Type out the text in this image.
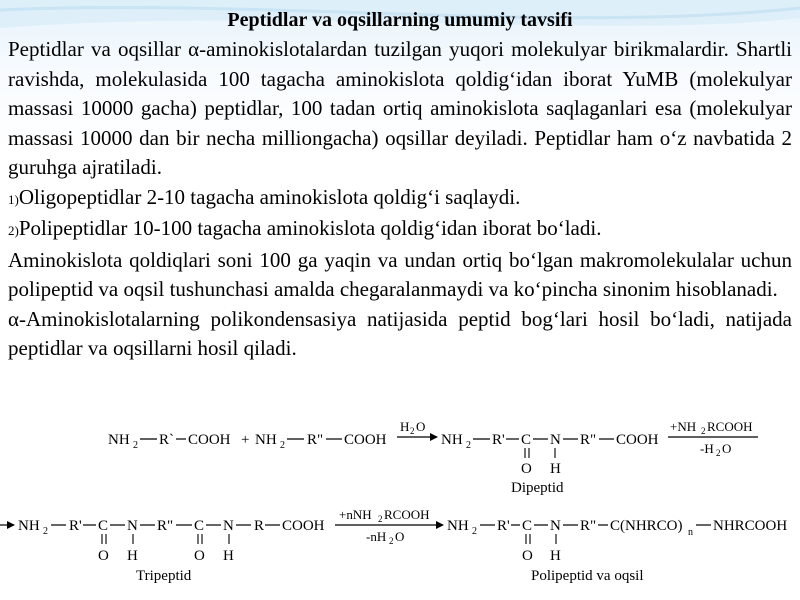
Peptidlar va oqsillarning umumiy tavsifi
Peptidlar va oqsillar α-aminokislotalardan tuzilgan yuqori molekulyar birikmalardir. Shartli ravishda, molekulasida 100 tagacha aminokislota qoldig‘idan iborat YuMB (molekulyar massasi 10000 gacha) peptidlar, 100 tadan ortiq aminokislota saqlaganlari esa (molekulyar massasi 10000 dan bir necha milliongacha) oqsillar deyiladi. Peptidlar ham o‘z navbatida 2 guruhga ajratiladi.
1)Oligopeptidlar 2-10 tagacha aminokislota qoldig‘i saqlaydi.
2)Polipeptidlar 10-100 tagacha aminokislota qoldig‘idan iborat bo‘ladi.
Aminokislota qoldiqlari soni 100 ga yaqin va undan ortiq bo‘lgan makromolekulalar uchun polipeptid va oqsil tushunchasi amalda chegaralanmaydi va ko‘pincha sinonim hisoblanadi.
α-Aminokislotalarning polikondensasiya natijasida peptid bog‘lari hosil bo‘ladi, natijada peptidlar va oqsillarni hosil qiladi.
NH 2 R` COOH + NH 2 R" COOH
H 2 O
NH 2 R' C N R" COOH
O H
Dipeptid
+NH 2 RCOOH
-H 2 O
NH 2 R' C N R" C N R COOH
O H	O H
Tripeptid
+nNH 2 RCOOH
-nH 2 O
NH 2 R' C N R" C(NHRCO) n NHRCOOH
O H
Polipeptid va oqsil
